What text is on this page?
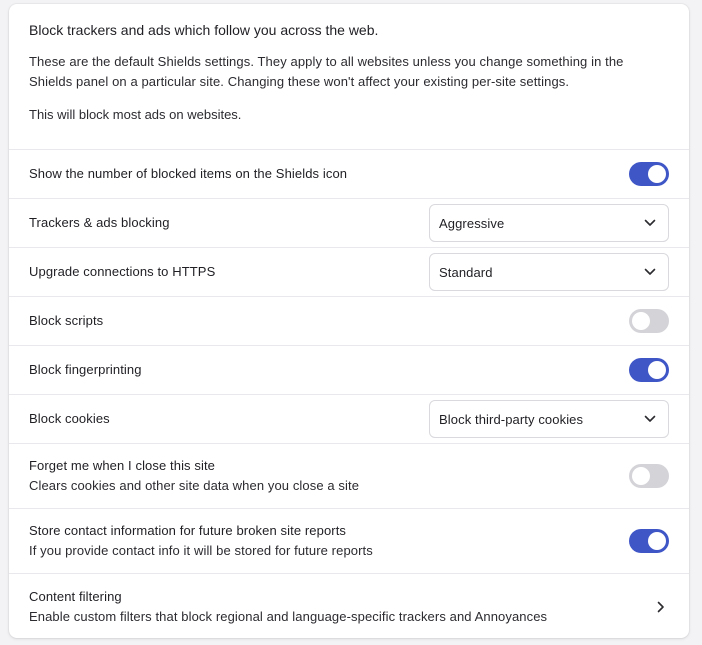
Block trackers and ads which follow you across the web.

These are the default Shields settings. They apply to all websites unless you change something in the Shields panel on a particular site. Changing these won't affect your existing per-site settings.

This will block most ads on websites.

Show the number of blocked items on the Shields icon
Trackers & ads blocking	Aggressive
Upgrade connections to HTTPS	Standard
Block scripts
Block fingerprinting
Block cookies	Block third-party cookies
Forget me when I close this site
Clears cookies and other site data when you close a site
Store contact information for future broken site reports
If you provide contact info it will be stored for future reports
Content filtering
Enable custom filters that block regional and language-specific trackers and Annoyances
